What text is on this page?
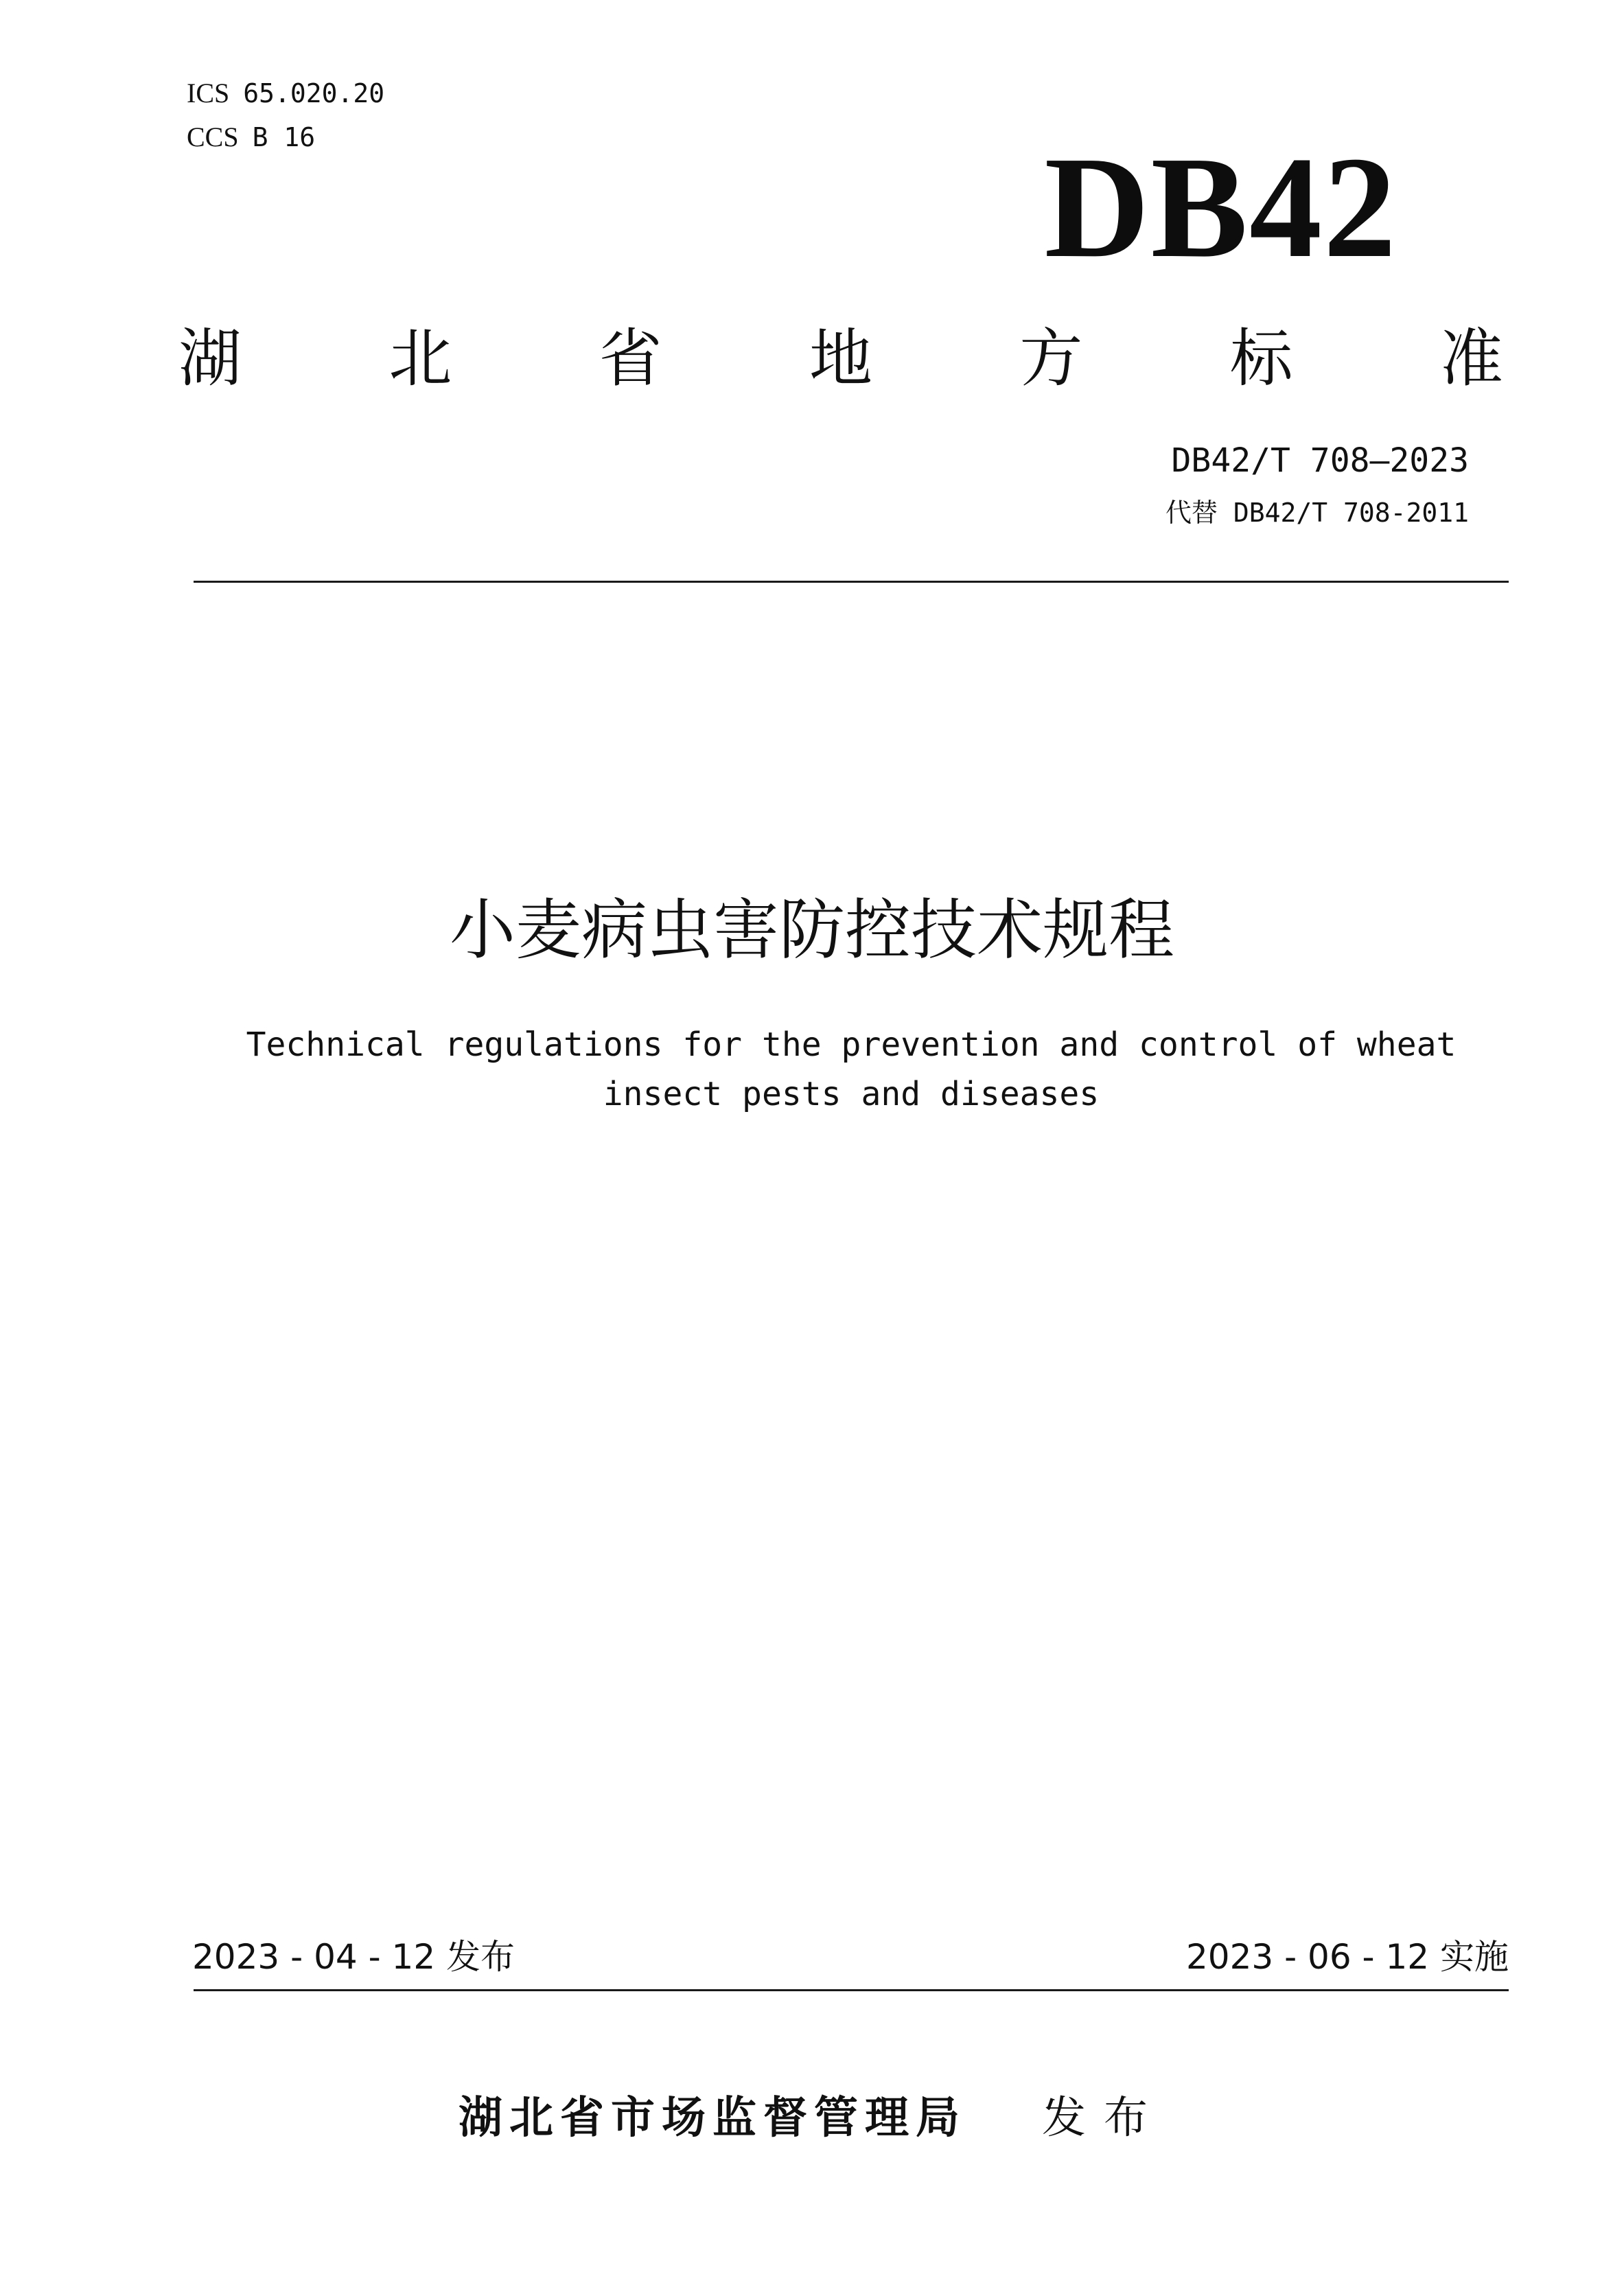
ICS 65.020.20
CCS B 16	DB42
湖 北 省 地 方 标 准
DB42/T 708—2023
代替 DB42/T 708-2011
小麦病虫害防控技术规程
Technical regulations for the prevention and control of wheat
insect pests and diseases
2023 - 04 - 12 发布	2023 - 06 - 12 实施
湖北省市场监督管理局 发布
